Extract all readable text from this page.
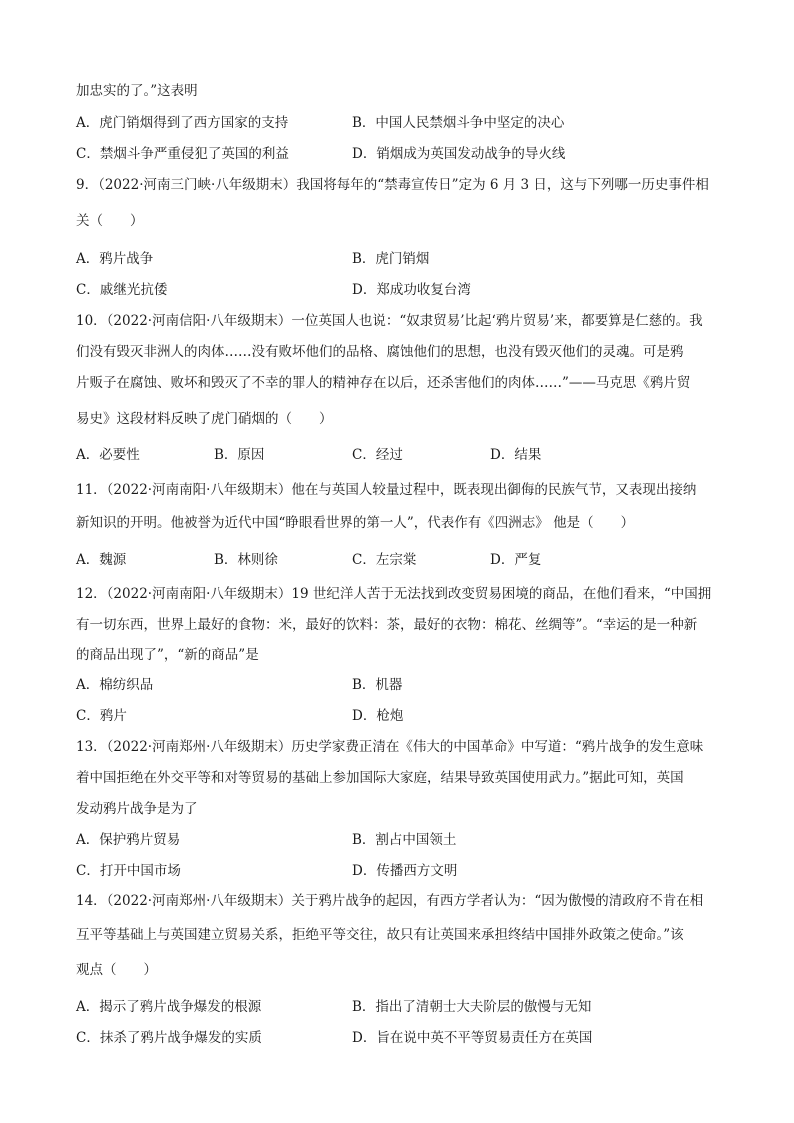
加忠实的了。”这表明
A．虎门销烟得到了西方国家的支持	B．中国人民禁烟斗争中坚定的决心
C．禁烟斗争严重侵犯了英国的利益	D．销烟成为英国发动战争的导火线
9．（2022·河南三门峡·八年级期末）我国将每年的“禁毒宣传日”定为 6 月 3 日，这与下列哪一历史事件相
关（　　）
A．鸦片战争	B．虎门销烟
C．戚继光抗倭	D．郑成功收复台湾
10．（2022·河南信阳·八年级期末）一位英国人也说：“奴隶贸易’比起‘鸦片贸易’来，都要算是仁慈的。我
们没有毁灭非洲人的肉体……没有败坏他们的品格、腐蚀他们的思想，也没有毁灭他们的灵魂。可是鸦
片贩子在腐蚀、败坏和毁灭了不幸的罪人的精神存在以后，还杀害他们的肉体……”——马克思《鸦片贸
易史》这段材料反映了虎门硝烟的（　　）
A．必要性	B．原因	C．经过	D．结果
11．（2022·河南南阳·八年级期末）他在与英国人较量过程中，既表现出御侮的民族气节，又表现出接纳
新知识的开明。他被誉为近代中国“睁眼看世界的第一人”，代表作有《四洲志》 他是（　　）
A．魏源	B．林则徐	C．左宗棠	D．严复
12．（2022·河南南阳·八年级期末）19 世纪洋人苦于无法找到改变贸易困境的商品，在他们看来，“中国拥
有一切东西，世界上最好的食物：米，最好的饮料：茶，最好的衣物：棉花、丝绸等”。“幸运的是一种新
的商品出现了”，“新的商品”是
A．棉纺织品	B．机器
C．鸦片	D．枪炮
13．（2022·河南郑州·八年级期末）历史学家费正清在《伟大的中国革命》中写道：“鸦片战争的发生意味
着中国拒绝在外交平等和对等贸易的基础上参加国际大家庭，结果导致英国使用武力。”据此可知，英国
发动鸦片战争是为了
A．保护鸦片贸易	B．割占中国领土
C．打开中国市场	D．传播西方文明
14．（2022·河南郑州·八年级期末）关于鸦片战争的起因，有西方学者认为：“因为傲慢的清政府不肯在相
互平等基础上与英国建立贸易关系，拒绝平等交往，故只有让英国来承担终结中国排外政策之使命。”该
观点（　　）
A．揭示了鸦片战争爆发的根源	B．指出了清朝士大夫阶层的傲慢与无知
C．抹杀了鸦片战争爆发的实质	D．旨在说中英不平等贸易责任方在英国
